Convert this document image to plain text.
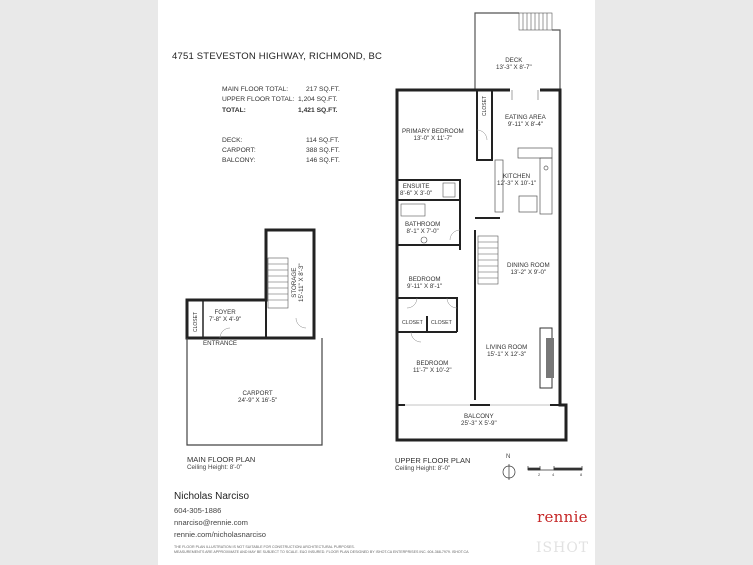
4751 STEVESTON HIGHWAY, RICHMOND, BC
MAIN FLOOR TOTAL:
UPPER FLOOR TOTAL:
TOTAL:
217 SQ.FT.
1,204 SQ.FT.
1,421 SQ.FT.
DECK:
CARPORT:
BALCONY:
114 SQ.FT.
388 SQ.FT.
146 SQ.FT.
DECK
13'-3" X 8'-7"
EATING AREA
9'-11" X 8'-4"
PRIMARY BEDROOM
13'-0" X 11'-7"
CLOSET
KITCHEN
12'-3" X 10'-1"
ENSUITE
8'-6" X 3'-0"
BATHROOM
8'-1" X 7'-0"
DINING ROOM
13'-2" X 9'-0"
BEDROOM
9'-11" X 8'-1"
CLOSET CLOSET
BEDROOM
11'-7" X 10'-2"
LIVING ROOM
15'-1" X 12'-3"
BALCONY
25'-3" X 5'-9"
FOYER
7'-8" X 4'-9"
CLOSET
STORAGE 15'-11" X 8'-3"
ENTRANCE
CARPORT
24'-9" X 16'-5"
MAIN FLOOR PLAN
Ceiling Height: 8'-0"
UPPER FLOOR PLAN
Ceiling Height: 8'-0"
N
2	4	8
Nicholas Narciso
604-305-1886
nnarciso@rennie.com
rennie.com/nicholasnarciso
rennie
ISHOT
THE FLOOR PLAN ILLUSTRATION IS NOT SUITABLE FOR CONSTRUCTION/ ARCHITECTURAL PURPOSES.
MEASUREMENTS ARE APPROXIMATE AND MAY BE SUBJECT TO SCALE. E&O INSURED. FLOOR PLAN DESIGNED BY ISHOT.CA ENTERPRISES INC. 604-368-7979. ISHOT.CA
